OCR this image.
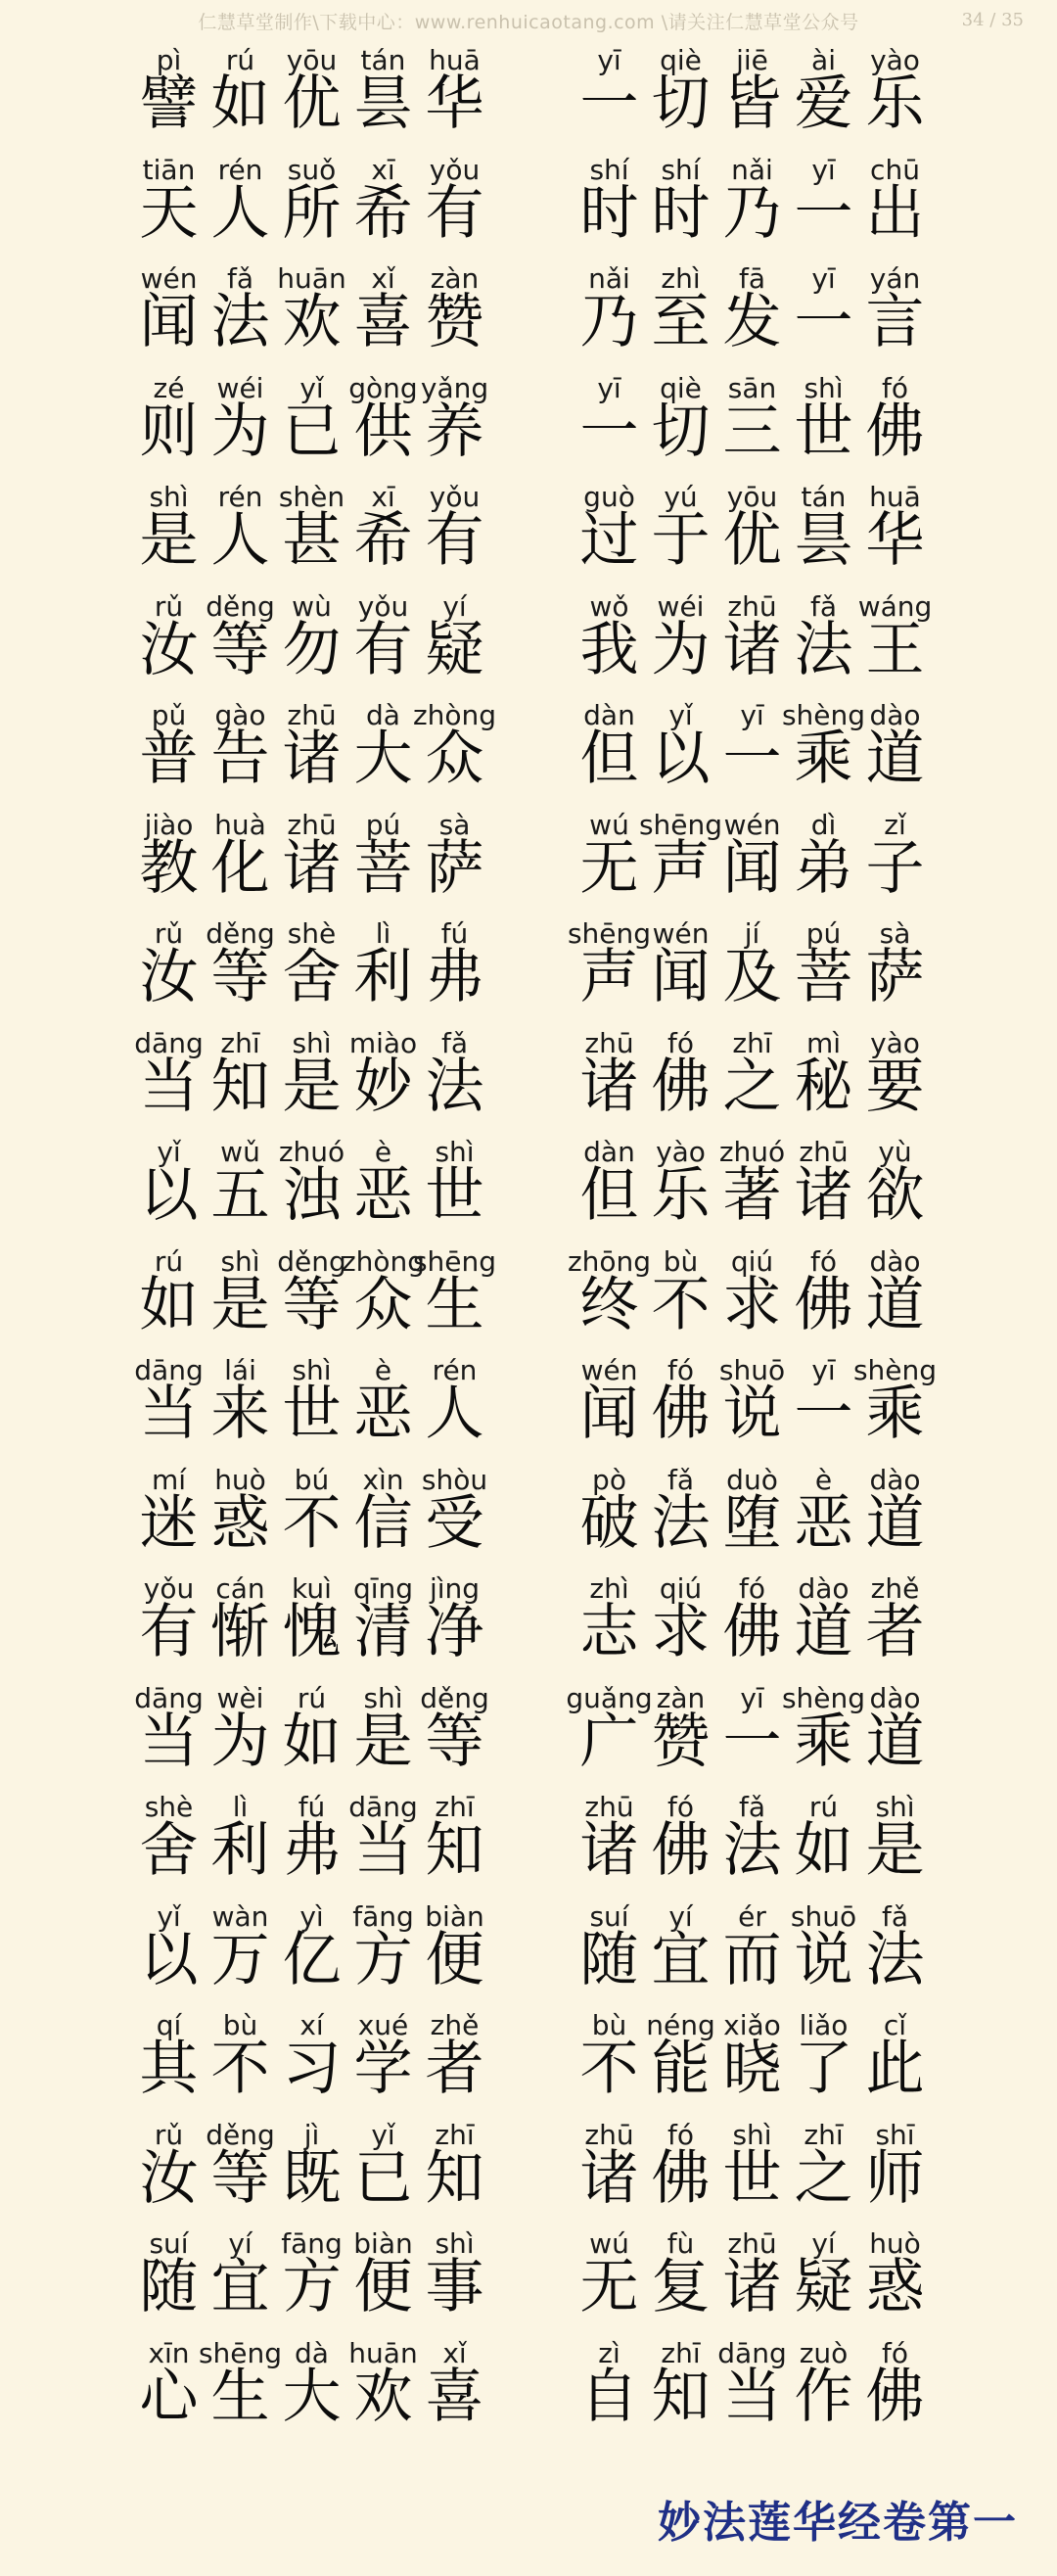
仁慧草堂制作\下载中心：www.renhuicaotang.com \请关注仁慧草堂公众号	34 / 35
pì
譬
rú
如
yōu
优
tán
昙
huā
华
yī
一
qiè
切
jiē
皆
ài
爱
yào
乐
tiān
天
rén
人
suǒ
所
xī
希
yǒu
有
shí
时
shí
时
nǎi
乃
yī
一
chū
出
wén
闻
fǎ
法
huān
欢
xǐ
喜
zàn
赞
nǎi
乃
zhì
至
fā
发
yī
一
yán
言
zé
则
wéi
为
yǐ
已
gòng
供
yǎng
养
yī
一
qiè
切
sān
三
shì
世
fó
佛
shì
是
rén
人
shèn
甚
xī
希
yǒu
有
guò
过
yú
于
yōu
优
tán
昙
huā
华
rǔ
汝
děng
等
wù
勿
yǒu
有
yí
疑
wǒ
我
wéi
为
zhū
诸
fǎ
法
wáng
王
pǔ
普
gào
告
zhū
诸
dà
大
zhòng
众
dàn
但
yǐ
以
yī
一
shèng
乘
dào
道
jiào
教
huà
化
zhū
诸
pú
菩
sà
萨
wú
无
shēng
声
wén
闻
dì
弟
zǐ
子
rǔ
汝
děng
等
shè
舍
lì
利
fú
弗
shēng
声
wén
闻
jí
及
pú
菩
sà
萨
dāng
当
zhī
知
shì
是
miào
妙
fǎ
法
zhū
诸
fó
佛
zhī
之
mì
秘
yào
要
yǐ
以
wǔ
五
zhuó
浊
è
恶
shì
世
dàn
但
yào
乐
zhuó
著
zhū
诸
yù
欲
rú
如
shì
是
děng
等
zhòng
众
shēng
生
zhōng
终
bù
不
qiú
求
fó
佛
dào
道
dāng
当
lái
来
shì
世
è
恶
rén
人
wén
闻
fó
佛
shuō
说
yī
一
shèng
乘
mí
迷
huò
惑
bú
不
xìn
信
shòu
受
pò
破
fǎ
法
duò
堕
è
恶
dào
道
yǒu
有
cán
惭
kuì
愧
qīng
清
jìng
净
zhì
志
qiú
求
fó
佛
dào
道
zhě
者
dāng
当
wèi
为
rú
如
shì
是
děng
等
guǎng
广
zàn
赞
yī
一
shèng
乘
dào
道
shè
舍
lì
利
fú
弗
dāng
当
zhī
知
zhū
诸
fó
佛
fǎ
法
rú
如
shì
是
yǐ
以
wàn
万
yì
亿
fāng
方
biàn
便
suí
随
yí
宜
ér
而
shuō
说
fǎ
法
qí
其
bù
不
xí
习
xué
学
zhě
者
bù
不
néng
能
xiǎo
晓
liǎo
了
cǐ
此
rǔ
汝
děng
等
jì
既
yǐ
已
zhī
知
zhū
诸
fó
佛
shì
世
zhī
之
shī
师
suí
随
yí
宜
fāng
方
biàn
便
shì
事
wú
无
fù
复
zhū
诸
yí
疑
huò
惑
xīn
心
shēng
生
dà
大
huān
欢
xǐ
喜
zì
自
zhī
知
dāng
当
zuò
作
fó
佛
妙法莲华经卷第一
